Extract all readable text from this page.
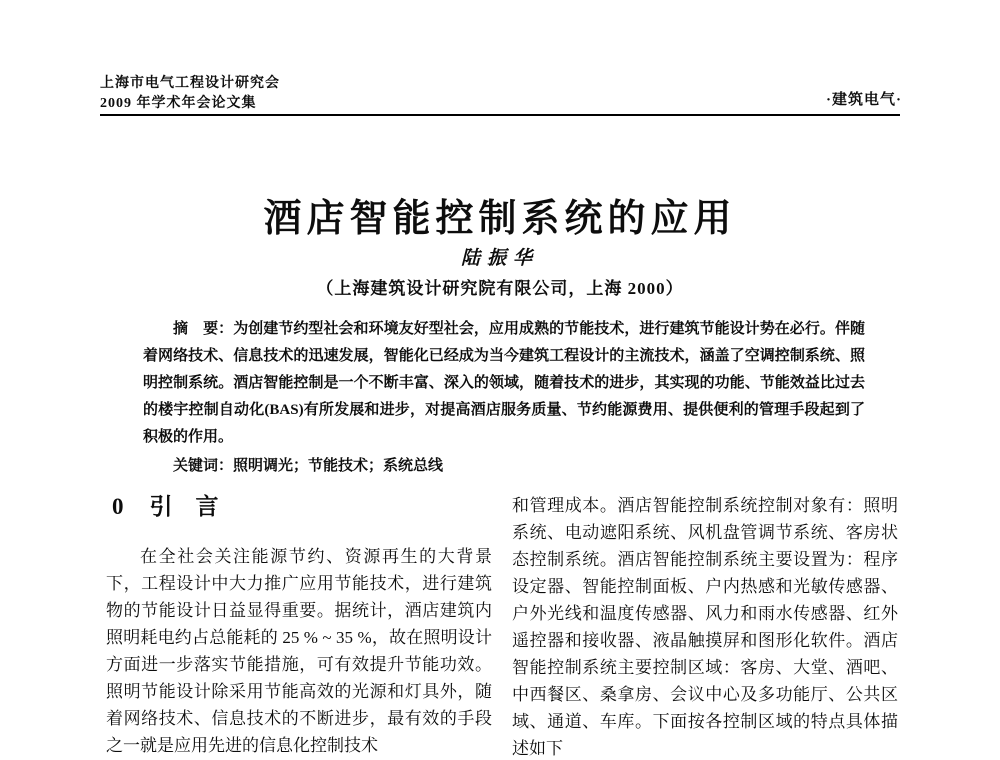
上海市电气工程设计研究会
2009 年学术年会论文集	·建筑电气·
酒店智能控制系统的应用
陆振华
（上海建筑设计研究院有限公司，上海 2000）

摘　要：为创建节约型社会和环境友好型社会，应用成熟的节能技术，进行建筑节能设计势在必行。伴随着网络技术、信息技术的迅速发展，智能化已经成为当今建筑工程设计的主流技术，涵盖了空调控制系统、照明控制系统。酒店智能控制是一个不断丰富、深入的领域，随着技术的进步，其实现的功能、节能效益比过去的楼宇控制自动化(BAS)有所发展和进步，对提高酒店服务质量、节约能源费用、提供便利的管理手段起到了积极的作用。

关键词：照明调光；节能技术；系统总线

0 引　言

在全社会关注能源节约、资源再生的大背景下，工程设计中大力推广应用节能技术，进行建筑物的节能设计日益显得重要。据统计，酒店建筑内照明耗电约占总能耗的 25 % ~ 35 %，故在照明设计方面进一步落实节能措施，可有效提升节能功效。照明节能设计除采用节能高效的光源和灯具外，随着网络技术、信息技术的不断进步，最有效的手段之一就是应用先进的信息化控制技术

和管理成本。酒店智能控制系统控制对象有：照明系统、电动遮阳系统、风机盘管调节系统、客房状态控制系统。酒店智能控制系统主要设置为：程序设定器、智能控制面板、户内热感和光敏传感器、户外光线和温度传感器、风力和雨水传感器、红外遥控器和接收器、液晶触摸屏和图形化软件。酒店智能控制系统主要控制区域：客房、大堂、酒吧、中西餐区、桑拿房、会议中心及多功能厅、公共区域、通道、车库。下面按各控制区域的特点具体描述如下
